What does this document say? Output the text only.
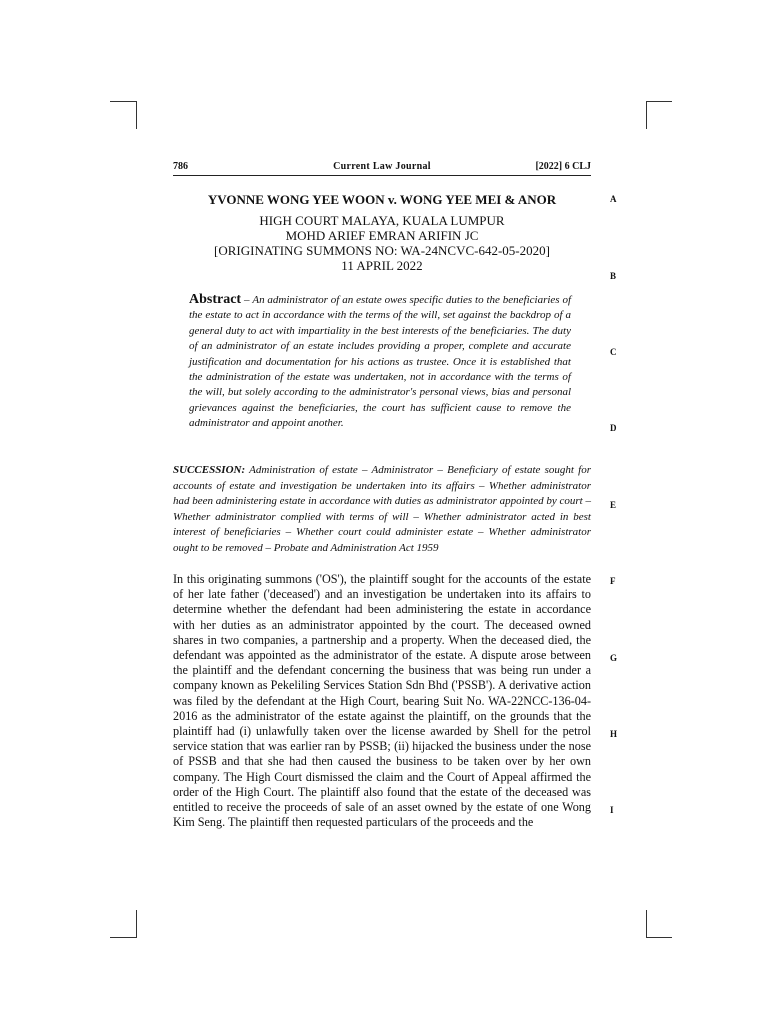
786	Current Law Journal	[2022] 6 CLJ
A
B
C
D
E
F
G
H
I
YVONNE WONG YEE WOON v. WONG YEE MEI & ANOR
HIGH COURT MALAYA, KUALA LUMPUR
MOHD ARIEF EMRAN ARIFIN JC
[ORIGINATING SUMMONS NO: WA-24NCVC-642-05-2020]
11 APRIL 2022
Abstract – An administrator of an estate owes specific duties to the beneficiaries of the estate to act in accordance with the terms of the will, set against the backdrop of a general duty to act with impartiality in the best interests of the beneficiaries. The duty of an administrator of an estate includes providing a proper, complete and accurate justification and documentation for his actions as trustee. Once it is established that the administration of the estate was undertaken, not in accordance with the terms of the will, but solely according to the administrator's personal views, bias and personal grievances against the beneficiaries, the court has sufficient cause to remove the administrator and appoint another.
SUCCESSION: Administration of estate – Administrator – Beneficiary of estate sought for accounts of estate and investigation be undertaken into its affairs – Whether administrator had been administering estate in accordance with duties as administrator appointed by court – Whether administrator complied with terms of will – Whether administrator acted in best interest of beneficiaries – Whether court could administer estate – Whether administrator ought to be removed – Probate and Administration Act 1959
In this originating summons ('OS'), the plaintiff sought for the accounts of the estate of her late father ('deceased') and an investigation be undertaken into its affairs to determine whether the defendant had been administering the estate in accordance with her duties as an administrator appointed by the court. The deceased owned shares in two companies, a partnership and a property. When the deceased died, the defendant was appointed as the administrator of the estate. A dispute arose between the plaintiff and the defendant concerning the business that was being run under a company known as Pekeliling Services Station Sdn Bhd ('PSSB'). A derivative action was filed by the defendant at the High Court, bearing Suit No. WA-22NCC-136-04-2016 as the administrator of the estate against the plaintiff, on the grounds that the plaintiff had (i) unlawfully taken over the license awarded by Shell for the petrol service station that was earlier ran by PSSB; (ii) hijacked the business under the nose of PSSB and that she had then caused the business to be taken over by her own company. The High Court dismissed the claim and the Court of Appeal affirmed the order of the High Court. The plaintiff also found that the estate of the deceased was entitled to receive the proceeds of sale of an asset owned by the estate of one Wong Kim Seng. The plaintiff then requested particulars of the proceeds and the
